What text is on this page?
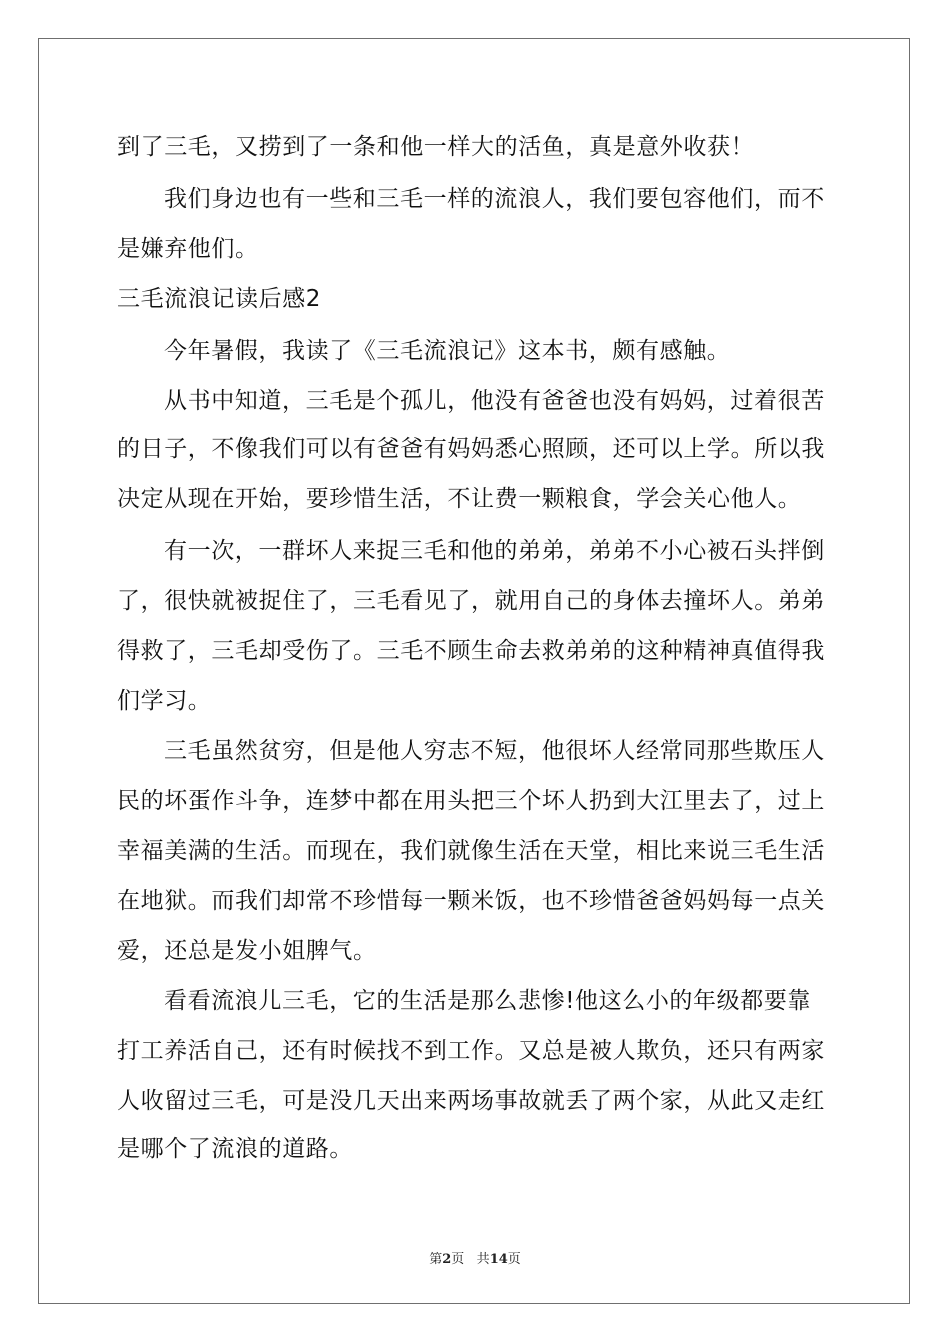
到了三毛，又捞到了一条和他一样大的活鱼，真是意外收获！
我们身边也有一些和三毛一样的流浪人，我们要包容他们，而不
是嫌弃他们。
三毛流浪记读后感2
今年暑假，我读了《三毛流浪记》这本书，颇有感触。
从书中知道，三毛是个孤儿，他没有爸爸也没有妈妈，过着很苦
的日子，不像我们可以有爸爸有妈妈悉心照顾，还可以上学。所以我
决定从现在开始，要珍惜生活，不让费一颗粮食，学会关心他人。
有一次，一群坏人来捉三毛和他的弟弟，弟弟不小心被石头拌倒
了，很快就被捉住了，三毛看见了，就用自己的身体去撞坏人。弟弟
得救了，三毛却受伤了。三毛不顾生命去救弟弟的这种精神真值得我
们学习。
三毛虽然贫穷，但是他人穷志不短，他很坏人经常同那些欺压人
民的坏蛋作斗争，连梦中都在用头把三个坏人扔到大江里去了，过上
幸福美满的生活。而现在，我们就像生活在天堂，相比来说三毛生活
在地狱。而我们却常不珍惜每一颗米饭，也不珍惜爸爸妈妈每一点关
爱，还总是发小姐脾气。
看看流浪儿三毛，它的生活是那么悲惨!他这么小的年级都要靠
打工养活自己，还有时候找不到工作。又总是被人欺负，还只有两家
人收留过三毛，可是没几天出来两场事故就丢了两个家，从此又走红
是哪个了流浪的道路。
第2页 共14页
